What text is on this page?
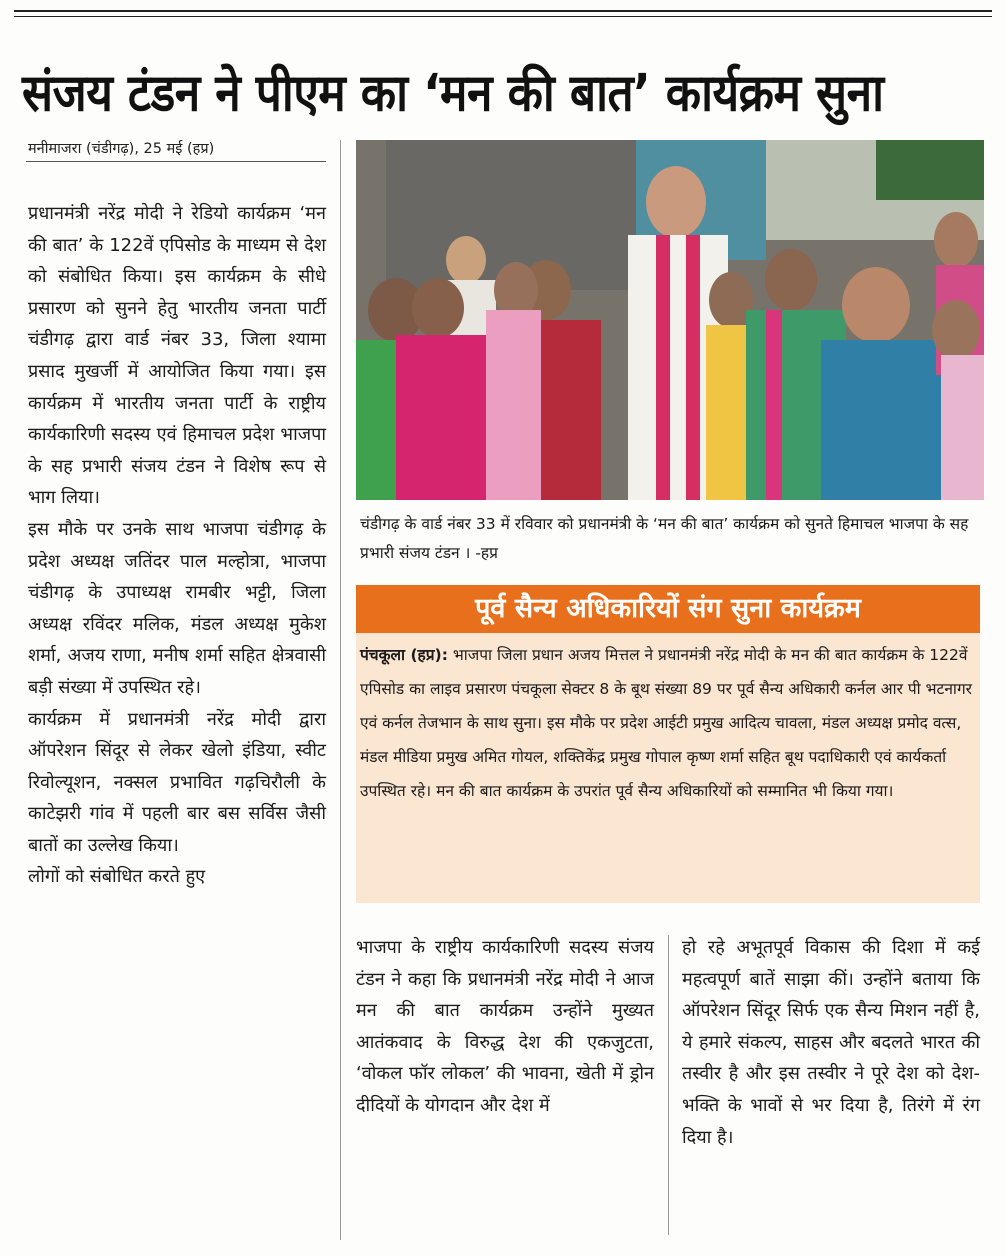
संजय टंडन ने पीएम का ‘मन की बात’ कार्यक्रम सुना
मनीमाजरा (चंडीगढ़), 25 मई (हप्र)

प्रधानमंत्री नरेंद्र मोदी ने रेडियो कार्यक्रम ‘मन की बात’ के 122वें एपिसोड के माध्यम से देश को संबोधित किया। इस कार्यक्रम के सीधे प्रसारण को सुनने हेतु भारतीय जनता पार्टी चंडीगढ़ द्वारा वार्ड नंबर 33, जिला श्यामा प्रसाद मुखर्जी में आयोजित किया गया। इस कार्यक्रम में भारतीय जनता पार्टी के राष्ट्रीय कार्यकारिणी सदस्य एवं हिमाचल प्रदेश भाजपा के सह प्रभारी संजय टंडन ने विशेष रूप से भाग लिया।

इस मौके पर उनके साथ भाजपा चंडीगढ़ के प्रदेश अध्यक्ष जतिंदर पाल मल्होत्रा, भाजपा चंडीगढ़ के उपाध्यक्ष रामबीर भट्टी, जिला अध्यक्ष रविंदर मलिक, मंडल अध्यक्ष मुकेश शर्मा, अजय राणा, मनीष शर्मा सहित क्षेत्रवासी बड़ी संख्या में उपस्थित रहे।

कार्यक्रम में प्रधानमंत्री नरेंद्र मोदी द्वारा ऑपरेशन सिंदूर से लेकर खेलो इंडिया, स्वीट रिवोल्यूशन, नक्सल प्रभावित गढ़चिरौली के काटेझरी गांव में पहली बार बस सर्विस जैसी बातों का उल्लेख किया।

लोगों को संबोधित करते हुए

चंडीगढ़ के वार्ड नंबर 33 में रविवार को प्रधानमंत्री के ‘मन की बात’ कार्यक्रम को सुनते हिमाचल भाजपा के सह प्रभारी संजय टंडन । -हप्र
पूर्व सैन्य अधिकारियों संग सुना कार्यक्रम
पंचकूला (हप्र): भाजपा जिला प्रधान अजय मित्तल ने प्रधानमंत्री नरेंद्र मोदी के मन की बात कार्यक्रम के 122वें एपिसोड का लाइव प्रसारण पंचकूला सेक्टर 8 के बूथ संख्या 89 पर पूर्व सैन्य अधिकारी कर्नल आर पी भटनागर एवं कर्नल तेजभान के साथ सुना। इस मौके पर प्रदेश आईटी प्रमुख आदित्य चावला, मंडल अध्यक्ष प्रमोद वत्स, मंडल मीडिया प्रमुख अमित गोयल, शक्तिकेंद्र प्रमुख गोपाल कृष्ण शर्मा सहित बूथ पदाधिकारी एवं कार्यकर्ता उपस्थित रहे। मन की बात कार्यक्रम के उपरांत पूर्व सैन्य अधिकारियों को सम्मानित भी किया गया।
भाजपा के राष्ट्रीय कार्यकारिणी सदस्य संजय टंडन ने कहा कि प्रधानमंत्री नरेंद्र मोदी ने आज मन की बात कार्यक्रम उन्होंने मुख्यत आतंकवाद के विरुद्ध देश की एकजुटता, ‘वोकल फॉर लोकल’ की भावना, खेती में ड्रोन दीदियों के योगदान और देश में
हो रहे अभूतपूर्व विकास की दिशा में कई महत्वपूर्ण बातें साझा कीं। उन्होंने बताया कि ऑपरेशन सिंदूर सिर्फ एक सैन्य मिशन नहीं है, ये हमारे संकल्प, साहस और बदलते भारत की तस्वीर है और इस तस्वीर ने पूरे देश को देश-भक्ति के भावों से भर दिया है, तिरंगे में रंग दिया है।
